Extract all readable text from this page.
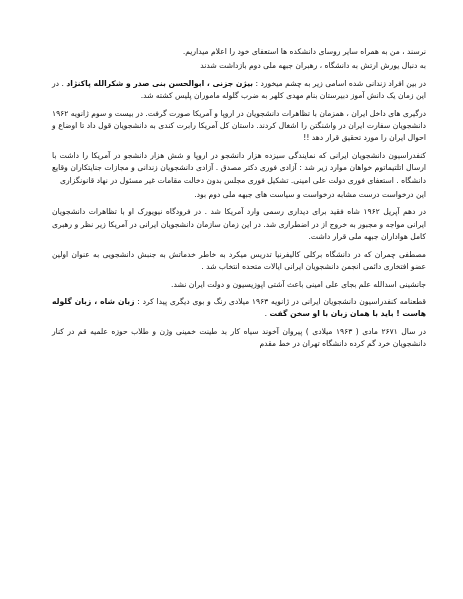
نرسند ، من به همراه سایر روسای دانشکده ها استعفای خود را اعلام میداریم.

به دنبال یورش ارتش به دانشگاه ، رهبران جبهه ملی دوم بازداشت شدند

در بین افراد زندانی شده اسامی زیر به چشم میخورد : بیژن جزنی ، ابوالحسن بنی صدر و شکرالله پاکنژاد . در این زمان یک دانش آموز دبیرستان بنام مهدی کلهر به ضرب گلوله ماموران پلیس کشته شد.

درگیری های داخل ایران ، همزمان با تظاهرات دانشجویان در اروپا و آمریکا صورت گرفت. در بیست و سوم ژانویه ۱۹۶۲ دانشجویان سفارت ایران در واشنگتن را اشغال کردند. داستان کل آمریکا رابرت کندی به دانشجویان قول داد تا اوضاع و احوال ایران را مورد تحقیق قرار دهد !!

کنفدراسیون دانشجویان ایرانی که نمایندگی سیزده هزار دانشجو در اروپا و شش هزار دانشجو در آمریکا را داشت با ارسال اتلتیماتوم خواهان موارد زیر شد : آزادی فوری دکتر مصدق . آزادی دانشجویان زندانی و مجازات جنایتکاران وقایع دانشگاه . استعفای فوری دولت علی امینی. تشکیل فوری مجلس بدون دخالت مقامات غیر مسئول در نهاد قانونگزاری

این درخواست درست مشابه درخواست و سیاست های جبهه ملی دوم بود.

در دهم آپریل ۱۹۶۲ شاه فقید برای دیداری رسمی وارد آمریکا شد . در فرودگاه نیویورک او با تظاهرات دانشجویان ایرانی مواجه و مجبور به خروج از در اضطراری شد. در این زمان سازمان دانشجویان ایرانی در آمریکا زیر نظر و رهبری کامل هواداران جبهه ملی قرار داشت.

مصطفی چمران که در دانشگاه برکلی کالیفرنیا تدریس میکرد به خاطر خدماتش به جنبش دانشجویی به عنوان اولین عضو افتخاری دائمی انجمن دانشجویان ایرانی ایالات متحده انتخاب شد .

جانشینی اسدالله علم بجای علی امینی باعث آشتی اپوزیسیون و دولت ایران نشد.

قطعنامه کنفدراسیون دانشجویان ایرانی در ژانویه ۱۹۶۳ میلادی رنگ و بوی دیگری پیدا کرد : زبان شاه ، زبان گلوله هاست ! باید با همان زبان با او سخن گفت .

در سال ۲۶۷۱ مادی ( ۱۹۶۳ میلادی ) پیروان آخوند سیاه کار بد طینت خمینی وژن و طلاب حوزه علمیه قم در کنار دانشجویان خرد گم کرده دانشگاه تهران در خط مقدم
